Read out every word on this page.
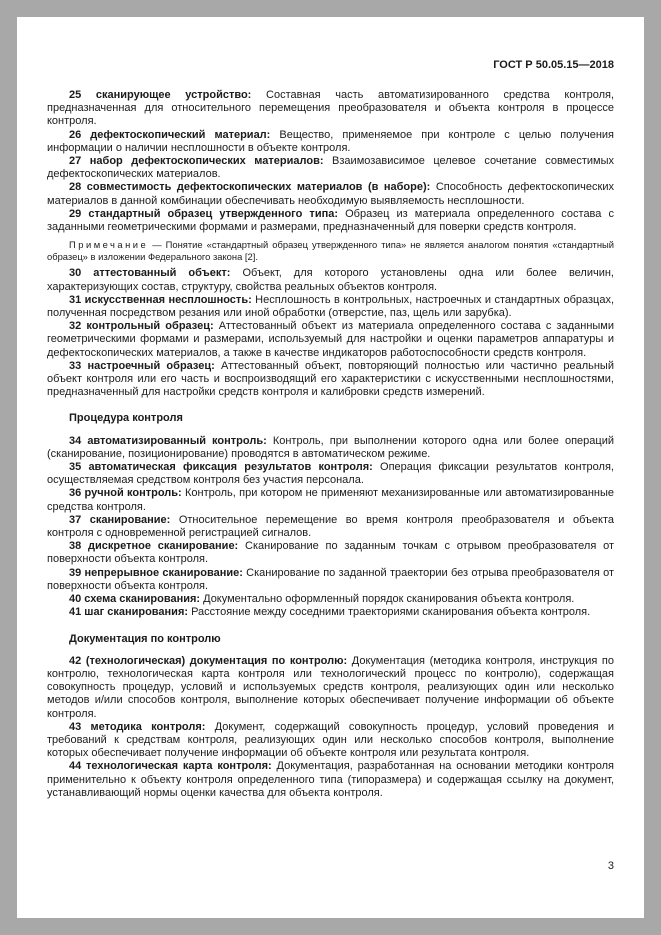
ГОСТ Р 50.05.15—2018

25 сканирующее устройство: Составная часть автоматизированного средства контроля, предназначенная для относительного перемещения преобразователя и объекта контроля в процессе контроля.

26 дефектоскопический материал: Вещество, применяемое при контроле с целью получения информации о наличии несплошности в объекте контроля.

27 набор дефектоскопических материалов: Взаимозависимое целевое сочетание совместимых дефектоскопических материалов.

28 совместимость дефектоскопических материалов (в наборе): Способность дефектоскопических материалов в данной комбинации обеспечивать необходимую выявляемость несплошности.

29 стандартный образец утвержденного типа: Образец из материала определенного состава с заданными геометрическими формами и размерами, предназначенный для поверки средств контроля.

Примечание — Понятие «стандартный образец утвержденного типа» не является аналогом понятия «стандартный образец» в изложении Федерального закона [2].

30 аттестованный объект: Объект, для которого установлены одна или более величин, характеризующих состав, структуру, свойства реальных объектов контроля.

31 искусственная несплошность: Несплошность в контрольных, настроечных и стандартных образцах, полученная посредством резания или иной обработки (отверстие, паз, щель или зарубка).

32 контрольный образец: Аттестованный объект из материала определенного состава с заданными геометрическими формами и размерами, используемый для настройки и оценки параметров аппаратуры и дефектоскопических материалов, а также в качестве индикаторов работоспособности средств контроля.

33 настроечный образец: Аттестованный объект, повторяющий полностью или частично реальный объект контроля или его часть и воспроизводящий его характеристики с искусственными несплошностями, предназначенный для настройки средств контроля и калибровки средств измерений.

Процедура контроля

34 автоматизированный контроль: Контроль, при выполнении которого одна или более операций (сканирование, позиционирование) проводятся в автоматическом режиме.

35 автоматическая фиксация результатов контроля: Операция фиксации результатов контроля, осуществляемая средством контроля без участия персонала.

36 ручной контроль: Контроль, при котором не применяют механизированные или автоматизированные средства контроля.

37 сканирование: Относительное перемещение во время контроля преобразователя и объекта контроля с одновременной регистрацией сигналов.

38 дискретное сканирование: Сканирование по заданным точкам с отрывом преобразователя от поверхности объекта контроля.

39 непрерывное сканирование: Сканирование по заданной траектории без отрыва преобразователя от поверхности объекта контроля.

40 схема сканирования: Документально оформленный порядок сканирования объекта контроля.

41 шаг сканирования: Расстояние между соседними траекториями сканирования объекта контроля.

Документация по контролю

42 (технологическая) документация по контролю: Документация (методика контроля, инструкция по контролю, технологическая карта контроля или технологический процесс по контролю), содержащая совокупность процедур, условий и используемых средств контроля, реализующих один или несколько методов и/или способов контроля, выполнение которых обеспечивает получение информации об объекте контроля.

43 методика контроля: Документ, содержащий совокупность процедур, условий проведения и требований к средствам контроля, реализующих один или несколько способов контроля, выполнение которых обеспечивает получение информации об объекте контроля или результата контроля.

44 технологическая карта контроля: Документация, разработанная на основании методики контроля применительно к объекту контроля определенного типа (типоразмера) и содержащая ссылку на документ, устанавливающий нормы оценки качества для объекта контроля.

3
